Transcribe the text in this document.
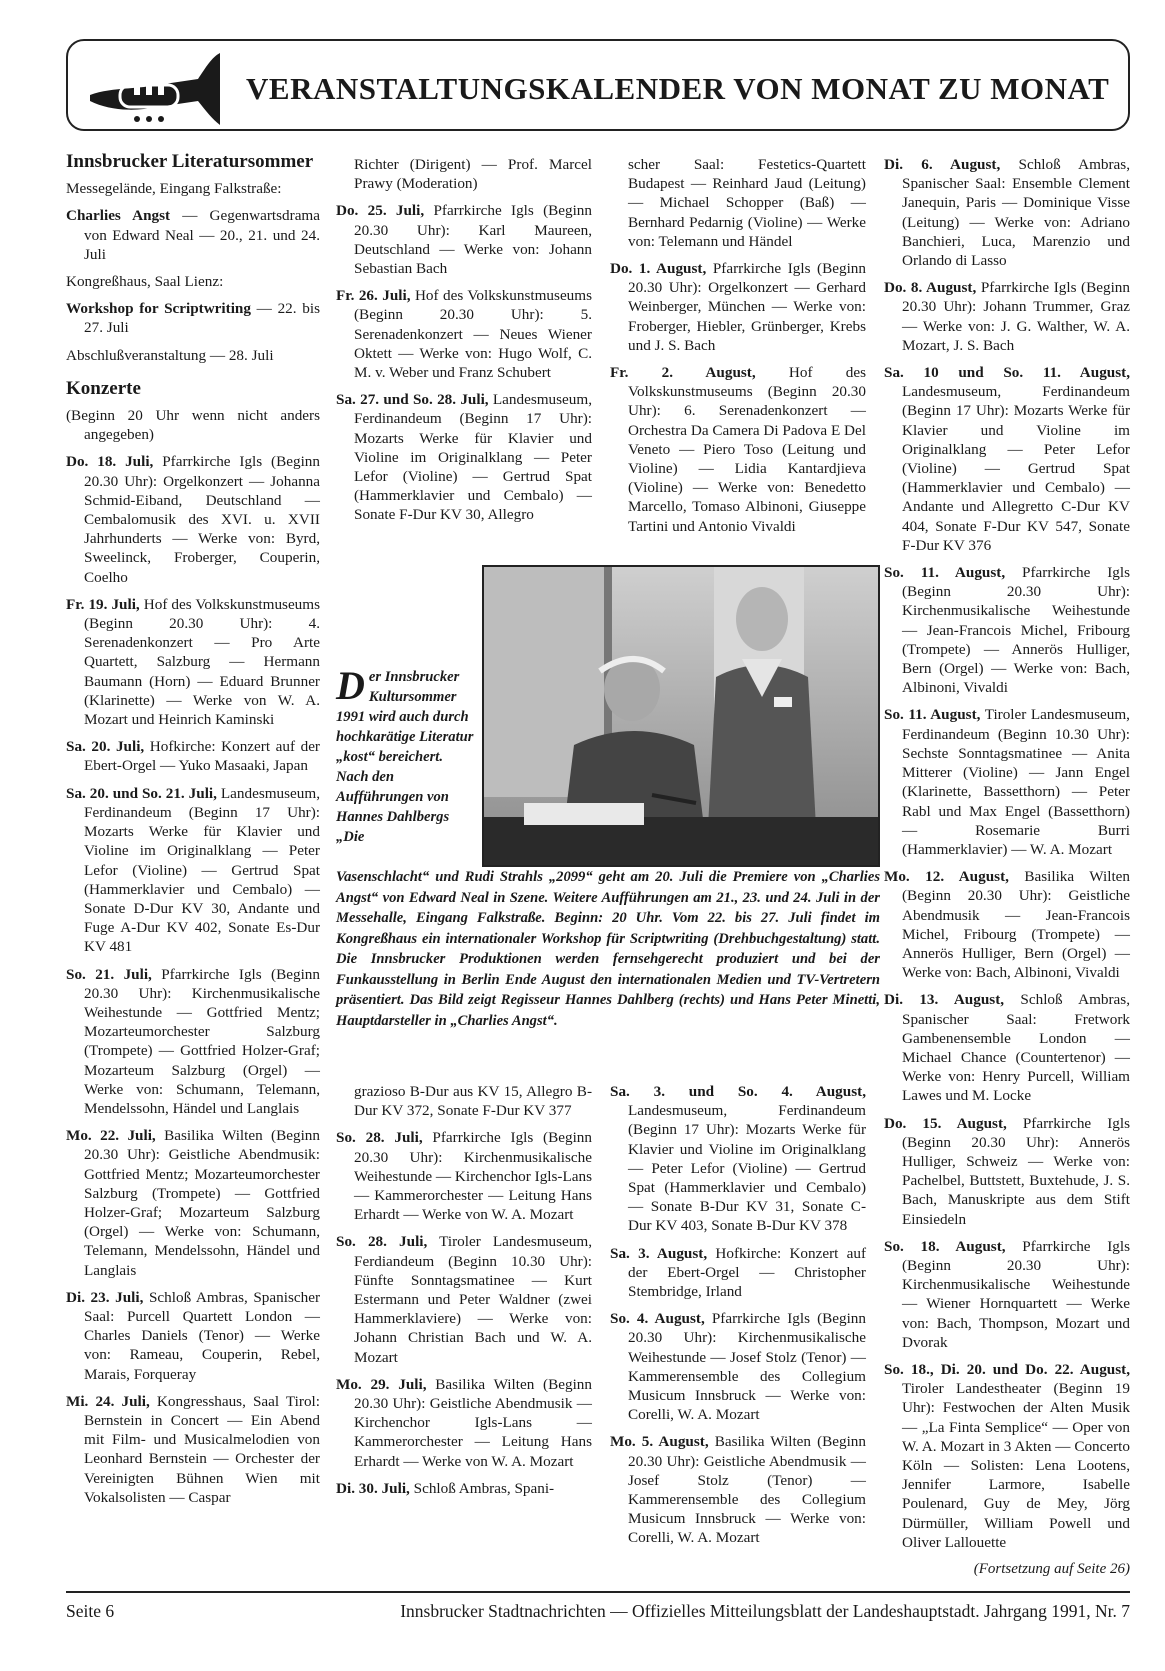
VERANSTALTUNGSKALENDER VON MONAT ZU MONAT
Innsbrucker Literatursommer

Messegelände, Eingang Falkstraße:

Charlies Angst — Gegenwartsdrama von Edward Neal — 20., 21. und 24. Juli

Kongreßhaus, Saal Lienz:

Workshop for Scriptwriting — 22. bis 27. Juli

Abschlußveranstaltung — 28. Juli

Konzerte

(Beginn 20 Uhr wenn nicht anders angegeben)

Do. 18. Juli, Pfarrkirche Igls (Beginn 20.30 Uhr): Orgelkonzert — Johanna Schmid-Eiband, Deutschland — Cembalomusik des XVI. u. XVII Jahrhunderts — Werke von: Byrd, Sweelinck, Froberger, Couperin, Coelho

Fr. 19. Juli, Hof des Volkskunstmuseums (Beginn 20.30 Uhr): 4. Serenadenkonzert — Pro Arte Quartett, Salzburg — Hermann Baumann (Horn) — Eduard Brunner (Klarinette) — Werke von W. A. Mozart und Heinrich Kaminski

Sa. 20. Juli, Hofkirche: Konzert auf der Ebert-Orgel — Yuko Masaaki, Japan

Sa. 20. und So. 21. Juli, Landesmuseum, Ferdinandeum (Beginn 17 Uhr): Mozarts Werke für Klavier und Violine im Originalklang — Peter Lefor (Violine) — Gertrud Spat (Hammerklavier und Cembalo) — Sonate D-Dur KV 30, Andante und Fuge A-Dur KV 402, Sonate Es-Dur KV 481

So. 21. Juli, Pfarrkirche Igls (Beginn 20.30 Uhr): Kirchenmusikalische Weihestunde — Gottfried Mentz; Mozarteumorchester Salzburg (Trompete) — Gottfried Holzer-Graf; Mozarteum Salzburg (Orgel) — Werke von: Schumann, Telemann, Mendelssohn, Händel und Langlais

Mo. 22. Juli, Basilika Wilten (Beginn 20.30 Uhr): Geistliche Abendmusik: Gottfried Mentz; Mozarteumorchester Salzburg (Trompete) — Gottfried Holzer-Graf; Mozarteum Salzburg (Orgel) — Werke von: Schumann, Telemann, Mendelssohn, Händel und Langlais

Di. 23. Juli, Schloß Ambras, Spanischer Saal: Purcell Quartett London — Charles Daniels (Tenor) — Werke von: Rameau, Couperin, Rebel, Marais, Forqueray

Mi. 24. Juli, Kongresshaus, Saal Tirol: Bernstein in Concert — Ein Abend mit Film- und Musicalmelodien von Leonhard Bernstein — Orchester der Vereinigten Bühnen Wien mit Vokalsolisten — Caspar

Richter (Dirigent) — Prof. Marcel Prawy (Moderation)

Do. 25. Juli, Pfarrkirche Igls (Beginn 20.30 Uhr): Karl Maureen, Deutschland — Werke von: Johann Sebastian Bach

Fr. 26. Juli, Hof des Volkskunstmuseums (Beginn 20.30 Uhr): 5. Serenadenkonzert — Neues Wiener Oktett — Werke von: Hugo Wolf, C. M. v. Weber und Franz Schubert

Sa. 27. und So. 28. Juli, Landesmuseum, Ferdinandeum (Beginn 17 Uhr): Mozarts Werke für Klavier und Violine im Originalklang — Peter Lefor (Violine) — Gertrud Spat (Hammerklavier und Cembalo) — Sonate F-Dur KV 30, Allegro

scher Saal: Festetics-Quartett Budapest — Reinhard Jaud (Leitung) — Michael Schopper (Baß) — Bernhard Pedarnig (Violine) — Werke von: Telemann und Händel

Do. 1. August, Pfarrkirche Igls (Beginn 20.30 Uhr): Orgelkonzert — Gerhard Weinberger, München — Werke von: Froberger, Hiebler, Grünberger, Krebs und J. S. Bach

Fr. 2. August, Hof des Volkskunstmuseums (Beginn 20.30 Uhr): 6. Serenadenkonzert — Orchestra Da Camera Di Padova E Del Veneto — Piero Toso (Leitung und Violine) — Lidia Kantardjieva (Violine) — Werke von: Benedetto Marcello, Tomaso Albinoni, Giuseppe Tartini und Antonio Vivaldi

Der Innsbrucker Kultursommer 1991 wird auch durch hochkarätige Literatur „kost“ bereichert. Nach den Aufführungen von Hannes Dahlbergs „Die
Vasenschlacht“ und Rudi Strahls „2099“ geht am 20. Juli die Premiere von „Charlies Angst“ von Edward Neal in Szene. Weitere Aufführungen am 21., 23. und 24. Juli in der Messehalle, Eingang Falkstraße. Beginn: 20 Uhr. Vom 22. bis 27. Juli findet im Kongreßhaus ein internationaler Workshop für Scriptwriting (Drehbuchgestaltung) statt. Die Innsbrucker Produktionen werden fernsehgerecht produziert und bei der Funkausstellung in Berlin Ende August den internationalen Medien und TV-Vertretern präsentiert. Das Bild zeigt Regisseur Hannes Dahlberg (rechts) und Hans Peter Minetti, Hauptdarsteller in „Charlies Angst“.

Di. 6. August, Schloß Ambras, Spanischer Saal: Ensemble Clement Janequin, Paris — Dominique Visse (Leitung) — Werke von: Adriano Banchieri, Luca, Marenzio und Orlando di Lasso

Do. 8. August, Pfarrkirche Igls (Beginn 20.30 Uhr): Johann Trummer, Graz — Werke von: J. G. Walther, W. A. Mozart, J. S. Bach

Sa. 10 und So. 11. August, Landesmuseum, Ferdinandeum (Beginn 17 Uhr): Mozarts Werke für Klavier und Violine im Originalklang — Peter Lefor (Violine) — Gertrud Spat (Hammerklavier und Cembalo) — Andante und Allegretto C-Dur KV 404, Sonate F-Dur KV 547, Sonate F-Dur KV 376

So. 11. August, Pfarrkirche Igls (Beginn 20.30 Uhr): Kirchenmusikalische Weihestunde — Jean-Francois Michel, Fribourg (Trompete) — Annerös Hulliger, Bern (Orgel) — Werke von: Bach, Albinoni, Vivaldi

So. 11. August, Tiroler Landesmuseum, Ferdinandeum (Beginn 10.30 Uhr): Sechste Sonntagsmatinee — Anita Mitterer (Violine) — Jann Engel (Klarinette, Bassetthorn) — Peter Rabl und Max Engel (Bassetthorn) — Rosemarie Burri (Hammerklavier) — W. A. Mozart

Mo. 12. August, Basilika Wilten (Beginn 20.30 Uhr): Geistliche Abendmusik — Jean-Francois Michel, Fribourg (Trompete) — Annerös Hulliger, Bern (Orgel) — Werke von: Bach, Albinoni, Vivaldi

Di. 13. August, Schloß Ambras, Spanischer Saal: Fretwork Gambenensemble London — Michael Chance (Countertenor) — Werke von: Henry Purcell, William Lawes und M. Locke

Do. 15. August, Pfarrkirche Igls (Beginn 20.30 Uhr): Annerös Hulliger, Schweiz — Werke von: Pachelbel, Buttstett, Buxtehude, J. S. Bach, Manuskripte aus dem Stift Einsiedeln

So. 18. August, Pfarrkirche Igls (Beginn 20.30 Uhr): Kirchenmusikalische Weihestunde — Wiener Hornquartett — Werke von: Bach, Thompson, Mozart und Dvorak

So. 18., Di. 20. und Do. 22. August, Tiroler Landestheater (Beginn 19 Uhr): Festwochen der Alten Musik — „La Finta Semplice“ — Oper von W. A. Mozart in 3 Akten — Concerto Köln — Solisten: Lena Lootens, Jennifer Larmore, Isabelle Poulenard, Guy de Mey, Jörg Dürmüller, William Powell und Oliver Lallouette

(Fortsetzung auf Seite 26)

grazioso B-Dur aus KV 15, Allegro B-Dur KV 372, Sonate F-Dur KV 377

So. 28. Juli, Pfarrkirche Igls (Beginn 20.30 Uhr): Kirchenmusikalische Weihestunde — Kirchenchor Igls-Lans — Kammerorchester — Leitung Hans Erhardt — Werke von W. A. Mozart

So. 28. Juli, Tiroler Landesmuseum, Ferdiandeum (Beginn 10.30 Uhr): Fünfte Sonntagsmatinee — Kurt Estermann und Peter Waldner (zwei Hammerklaviere) — Werke von: Johann Christian Bach und W. A. Mozart

Mo. 29. Juli, Basilika Wilten (Beginn 20.30 Uhr): Geistliche Abendmusik — Kirchenchor Igls-Lans — Kammerorchester — Leitung Hans Erhardt — Werke von W. A. Mozart

Di. 30. Juli, Schloß Ambras, Spani-

Sa. 3. und So. 4. August, Landesmuseum, Ferdinandeum (Beginn 17 Uhr): Mozarts Werke für Klavier und Violine im Originalklang — Peter Lefor (Violine) — Gertrud Spat (Hammerklavier und Cembalo) — Sonate B-Dur KV 31, Sonate C-Dur KV 403, Sonate B-Dur KV 378

Sa. 3. August, Hofkirche: Konzert auf der Ebert-Orgel — Christopher Stembridge, Irland

So. 4. August, Pfarrkirche Igls (Beginn 20.30 Uhr): Kirchenmusikalische Weihestunde — Josef Stolz (Tenor) — Kammerensemble des Collegium Musicum Innsbruck — Werke von: Corelli, W. A. Mozart

Mo. 5. August, Basilika Wilten (Beginn 20.30 Uhr): Geistliche Abendmusik — Josef Stolz (Tenor) — Kammerensemble des Collegium Musicum Innsbruck — Werke von: Corelli, W. A. Mozart

Seite 6	Innsbrucker Stadtnachrichten — Offizielles Mitteilungsblatt der Landeshauptstadt. Jahrgang 1991, Nr. 7
